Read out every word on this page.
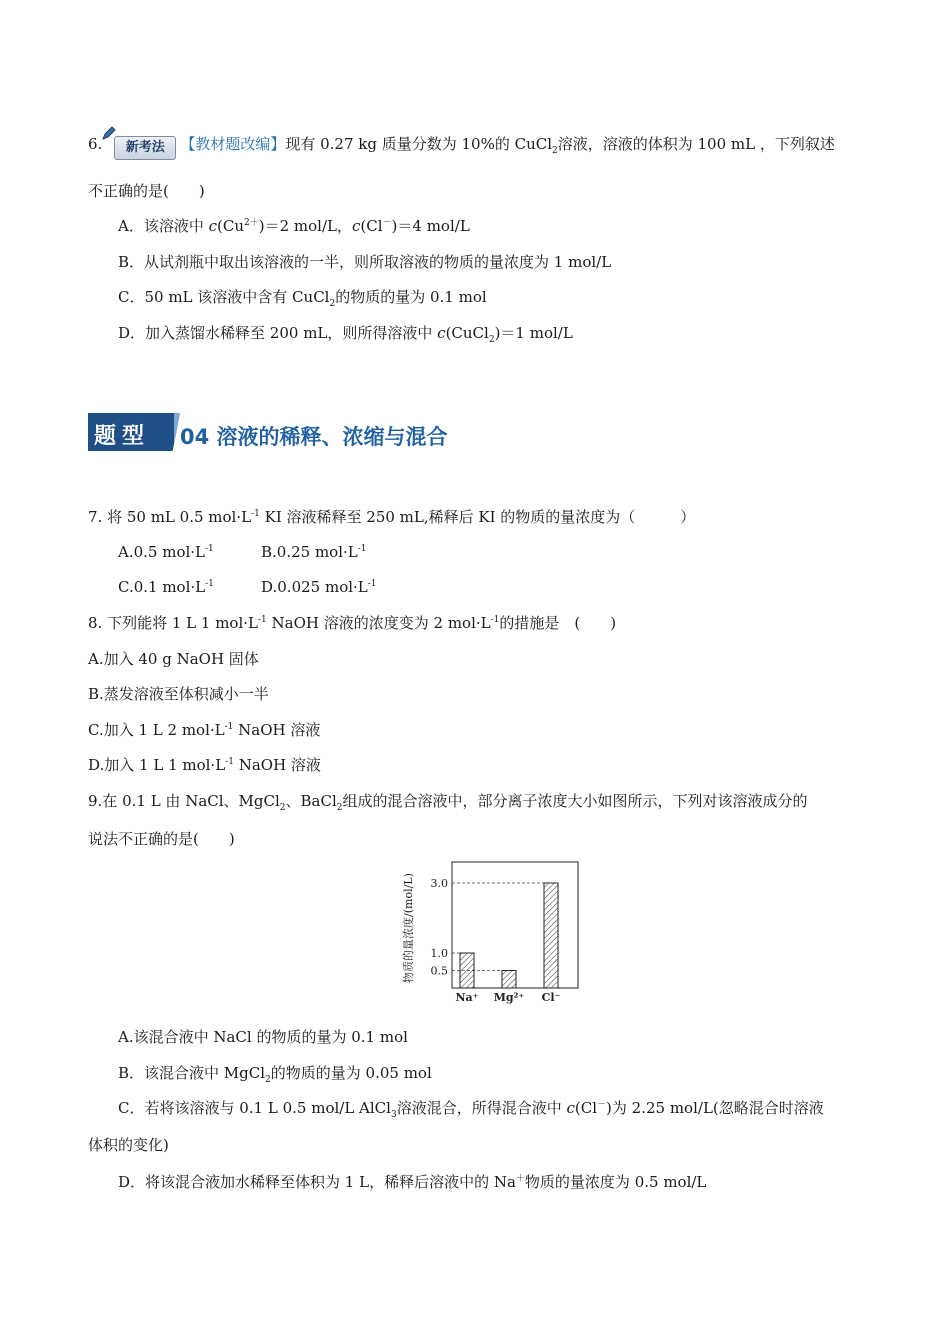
6. 新考法 【教材题改编】现有 0.27 kg 质量分数为 10%的 CuCl$_2$溶液，溶液的体积为 100 mL ，下列叙述
不正确的是(　　)
A．该溶液中 $c(Cu^{2+})=2$ mol/L，c(Cl－)＝4 mol/L
B．从试剂瓶中取出该溶液的一半，则所取溶液的物质的量浓度为 1 mol/L
C．50 mL 该溶液中含有 CuCl$_2$的物质的量为 0.1 mol
D．加入蒸馏水稀释至 200 mL，则所得溶液中 c(CuCl$_2$)＝1 mol/L
题型	04 溶液的稀释、浓缩与混合
7. 将 50 mL 0.5 $mol\cdot L^{-1}$ KI 溶液稀释至 250 mL,稀释后 KI 的物质的量浓度为（　　　）
A.0.5 $mol\cdot L^{-1}$	B.0.25 $mol\cdot L^{-1}$
C.0.1 $mol\cdot L^{-1}$	D.0.025 $mol\cdot L^{-1}$
8. 下列能将 1 L 1 $mol\cdot L^{-1}$ NaOH 溶液的浓度变为 2 $mol\cdot L^{-1}$的措施是　(　　)
A.加入 40 g NaOH 固体
B.蒸发溶液至体积减小一半
C.加入 1 L 2 $mol\cdot L^{-1}$ NaOH 溶液
D.加入 1 L 1 $mol\cdot L^{-1}$ NaOH 溶液
9.在 0.1 L 由 NaCl、MgCl$_2$、BaCl$_2$组成的混合溶液中，部分离子浓度大小如图所示，下列对该溶液成分的
说法不正确的是(　　)
物质的量浓度/(mol/L) 3.0
1.0
0.5
Na⁺ Mg²⁺ Cl⁻
A.该混合液中 NaCl 的物质的量为 0.1 mol
B．该混合液中 MgCl$_2$的物质的量为 0.05 mol
C．若将该溶液与 0.1 L 0.5 mol/L AlCl$_3$溶液混合，所得混合液中 c(Cl－)为 2.25 mol/L(忽略混合时溶液
体积的变化)
D．将该混合液加水稀释至体积为 1 L，稀释后溶液中的 Na＋物质的量浓度为 0.5 mol/L
